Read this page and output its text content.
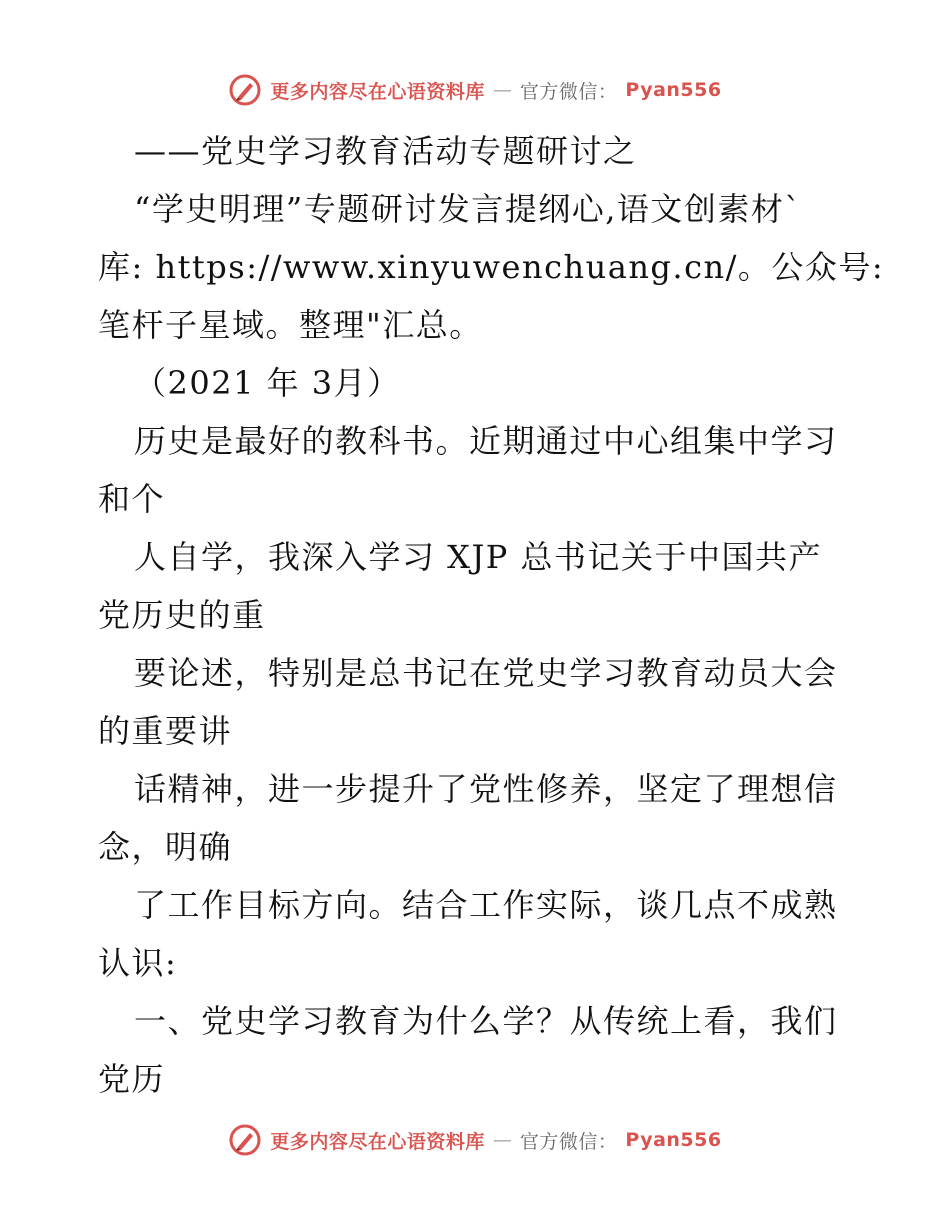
更多内容尽在心语资料库 — 官方微信： Pyan556
——党史学习教育活动专题研讨之
“学史明理”专题研讨发言提纲心,语文创素材`
库: https://www.xinyuwenchuang.cn/。公众号:
笔杆子星域。整理"汇总。
（2021 年 3月）
历史是最好的教科书。近期通过中心组集中学习
和个
人自学，我深入学习 XJP 总书记关于中国共产
党历史的重
要论述，特别是总书记在党史学习教育动员大会
的重要讲
话精神，进一步提升了党性修养，坚定了理想信
念，明确
了工作目标方向。结合工作实际，谈几点不成熟
认识:
一、党史学习教育为什么学？从传统上看，我们
党历
更多内容尽在心语资料库 — 官方微信： Pyan556
